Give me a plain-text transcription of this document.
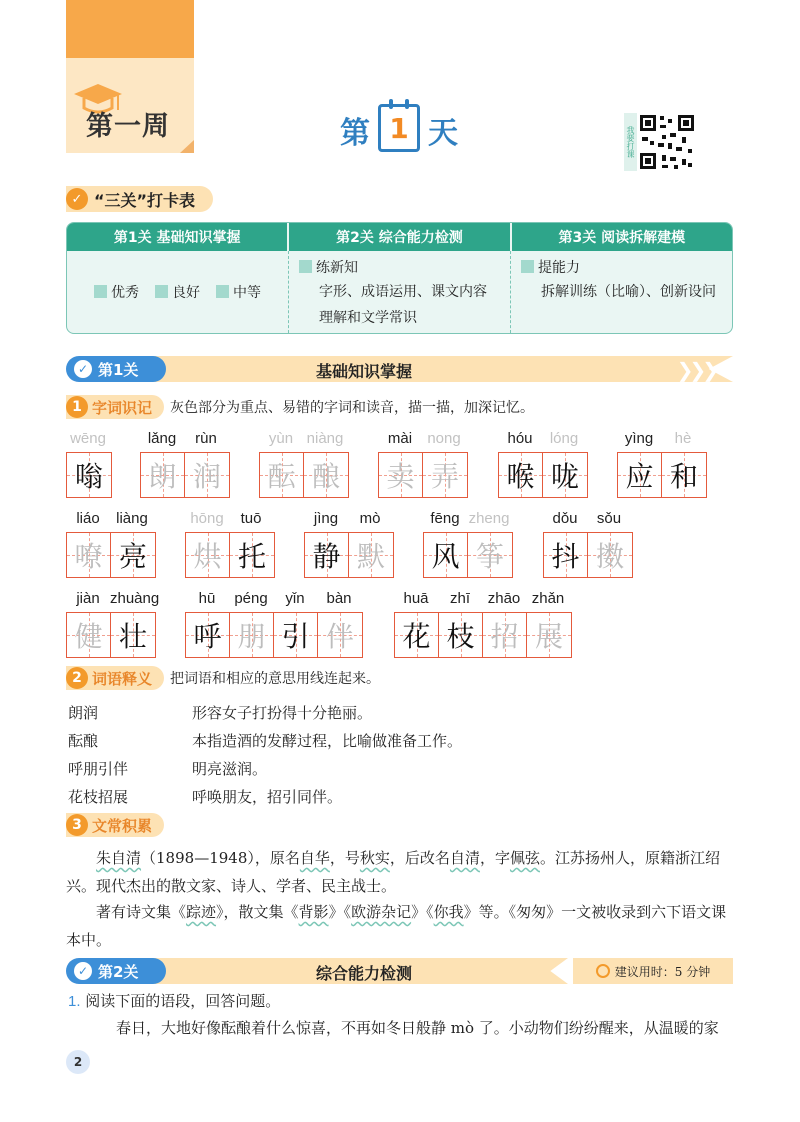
第一周	第 1 天	我要打课
✓ “三关”打卡表
第1关 基础知识掌握	第2关 综合能力检测	第3关 阅读拆解建模
优秀	良好	中等
练新知
字形、成语运用、课文内容理解和文学常识
提能力
拆解训练（比喻）、创新设问
❯❯❯
✓ 第1关	基础知识掌握
1 字词识记 灰色部分为重点、易错的字词和读音，描一描，加深记忆。
wēng
嗡
lǎng	rùn
朗 润
yùn niàng
酝 酿
mài	nong
卖 弄
hóu	lóng
喉 咙
yìng	hè
应 和
liáo	liàng
嘹 亮
hōng	tuō
烘 托
jìng	mò
静 默
fēng zheng
风 筝
dǒu	sǒu
抖 擞
jiàn zhuàng
健 壮
hū	péng	yǐn	bàn
呼 朋 引 伴
huā	zhī	zhāo zhǎn
花 枝 招 展
2 词语释义 把词语和相应的意思用线连起来。
朗润	形容女子打扮得十分艳丽。
酝酿	本指造酒的发酵过程，比喻做准备工作。
呼朋引伴	明亮滋润。
花枝招展	呼唤朋友，招引同伴。
3 文常积累
朱自清（1898—1948），原名自华，号秋实，后改名自清，字佩弦。江苏扬州人，原籍浙江绍兴。现代杰出的散文家、诗人、学者、民主战士。
著有诗文集《踪迹》，散文集《背影》《欧游杂记》《你我》等。《匆匆》一文被收录到六下语文课本中。
✓ 第2关	综合能力检测	建议用时：5 分钟
1. 阅读下面的语段，回答问题。
春日，大地好像酝酿着什么惊喜，不再如冬日般静 mò 了。小动物们纷纷醒来，从温暖的家
2
